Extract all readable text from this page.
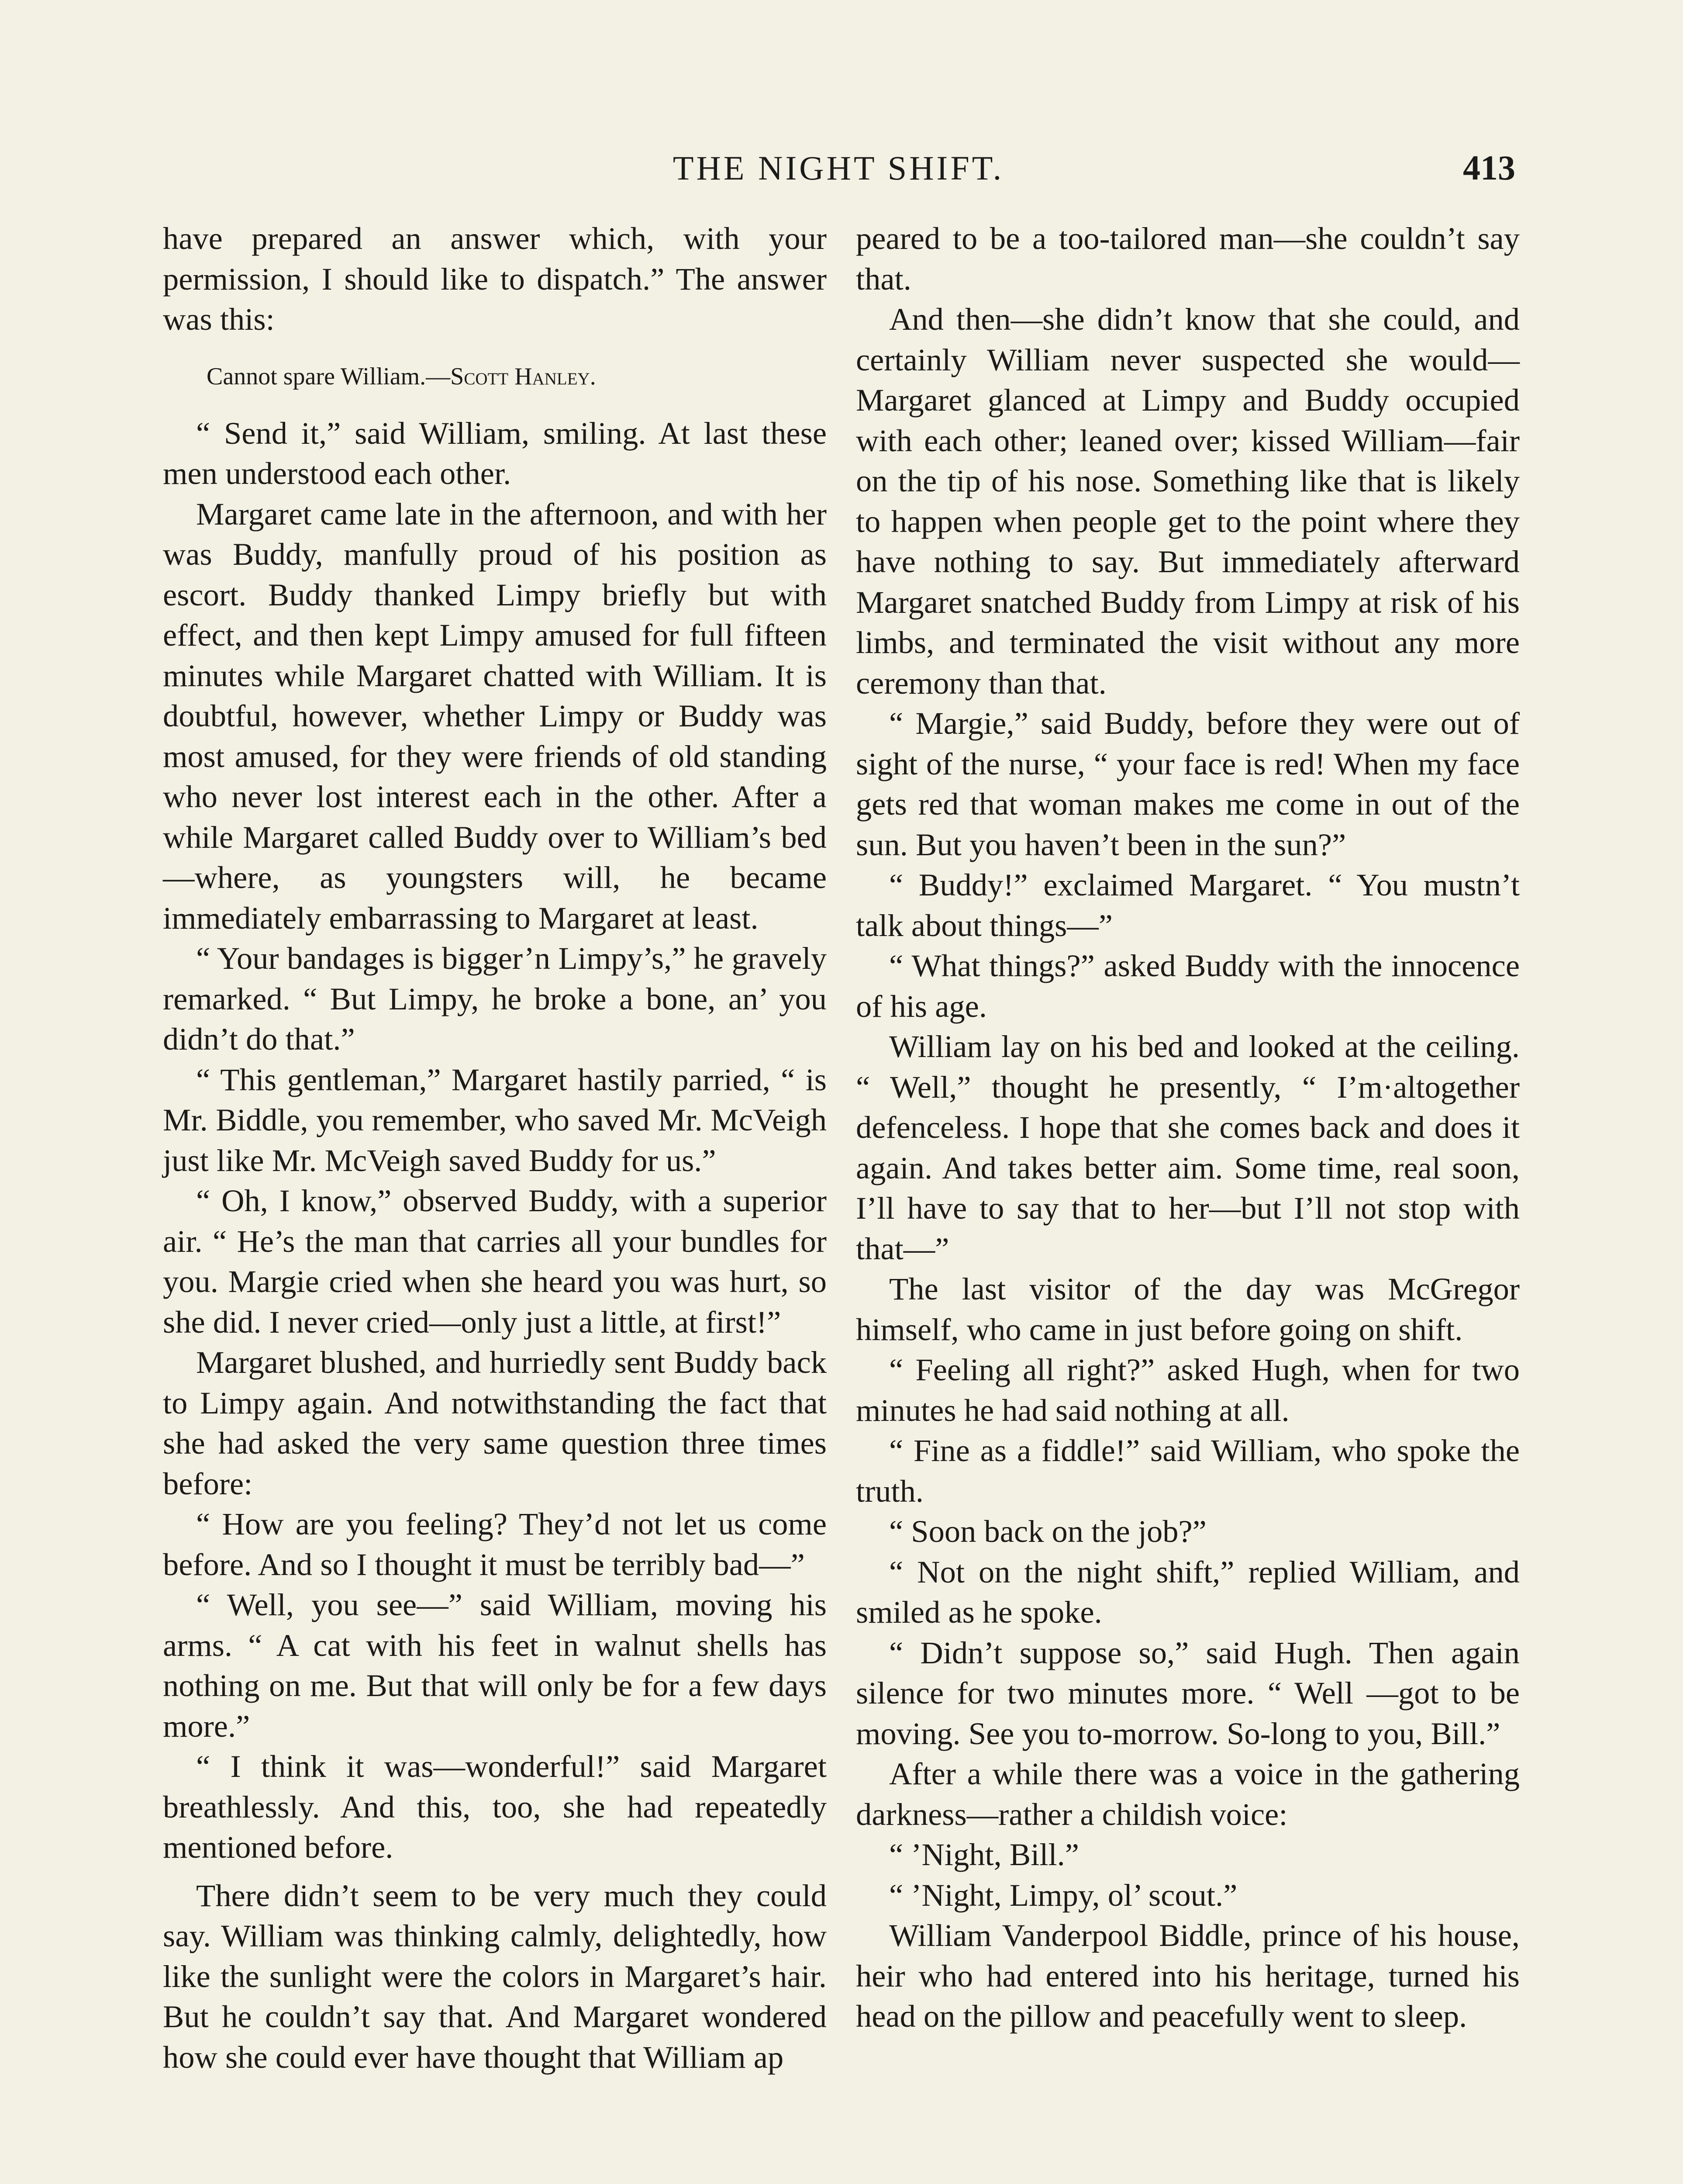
THE NIGHT SHIFT.	413

have prepared an answer which, with your permission, I should like to dispatch.” The answer was this:

Cannot spare William.—Scott Hanley.

“ Send it,” said William, smiling. At last these men understood each other.

Margaret came late in the afternoon, and with her was Buddy, manfully proud of his position as escort. Buddy thanked Limpy briefly but with effect, and then kept Limpy amused for full fifteen minutes while Margaret chatted with William. It is doubtful, however, whether Limpy or Buddy was most amused, for they were friends of old standing who never lost interest each in the other. After a while Margaret called Buddy over to William’s bed—where, as youngsters will, he became immediately embarrassing to Margaret at least.

“ Your bandages is bigger’n Limpy’s,” he gravely remarked. “ But Limpy, he broke a bone, an’ you didn’t do that.”

“ This gentleman,” Margaret hastily parried, “ is Mr. Biddle, you remember, who saved Mr. McVeigh just like Mr. McVeigh saved Buddy for us.”

“ Oh, I know,” observed Buddy, with a superior air. “ He’s the man that carries all your bundles for you. Margie cried when she heard you was hurt, so she did. I never cried—only just a little, at first!”

Margaret blushed, and hurriedly sent Buddy back to Limpy again. And notwithstanding the fact that she had asked the very same question three times before:

“ How are you feeling? They’d not let us come before. And so I thought it must be terribly bad—”

“ Well, you see—” said William, moving his arms. “ A cat with his feet in walnut shells has nothing on me. But that will only be for a few days more.”

“ I think it was—wonderful!” said Margaret breathlessly. And this, too, she had repeatedly mentioned before.

There didn’t seem to be very much they could say. William was thinking calmly, delightedly, how like the sunlight were the colors in Margaret’s hair. But he couldn’t say that. And Margaret wondered how she could ever have thought that William ap

peared to be a too-tailored man—she couldn’t say that.

And then—she didn’t know that she could, and certainly William never suspected she would—Margaret glanced at Limpy and Buddy occupied with each other; leaned over; kissed William—fair on the tip of his nose. Something like that is likely to happen when people get to the point where they have nothing to say. But immediately afterward Margaret snatched Buddy from Limpy at risk of his limbs, and terminated the visit without any more ceremony than that.

“ Margie,” said Buddy, before they were out of sight of the nurse, “ your face is red! When my face gets red that woman makes me come in out of the sun. But you haven’t been in the sun?”

“ Buddy!” exclaimed Margaret. “ You mustn’t talk about things—”

“ What things?” asked Buddy with the innocence of his age.

William lay on his bed and looked at the ceiling. “ Well,” thought he presently, “ I’m·altogether defenceless. I hope that she comes back and does it again. And takes better aim. Some time, real soon, I’ll have to say that to her—but I’ll not stop with that—”

The last visitor of the day was McGregor himself, who came in just before going on shift.

“ Feeling all right?” asked Hugh, when for two minutes he had said nothing at all.

“ Fine as a fiddle!” said William, who spoke the truth.

“ Soon back on the job?”

“ Not on the night shift,” replied William, and smiled as he spoke.

“ Didn’t suppose so,” said Hugh. Then again silence for two minutes more. “ Well —got to be moving. See you to-morrow. So-long to you, Bill.”

After a while there was a voice in the gathering darkness—rather a childish voice:

“ ’Night, Bill.”

“ ’Night, Limpy, ol’ scout.”

William Vanderpool Biddle, prince of his house, heir who had entered into his heritage, turned his head on the pillow and peacefully went to sleep.
